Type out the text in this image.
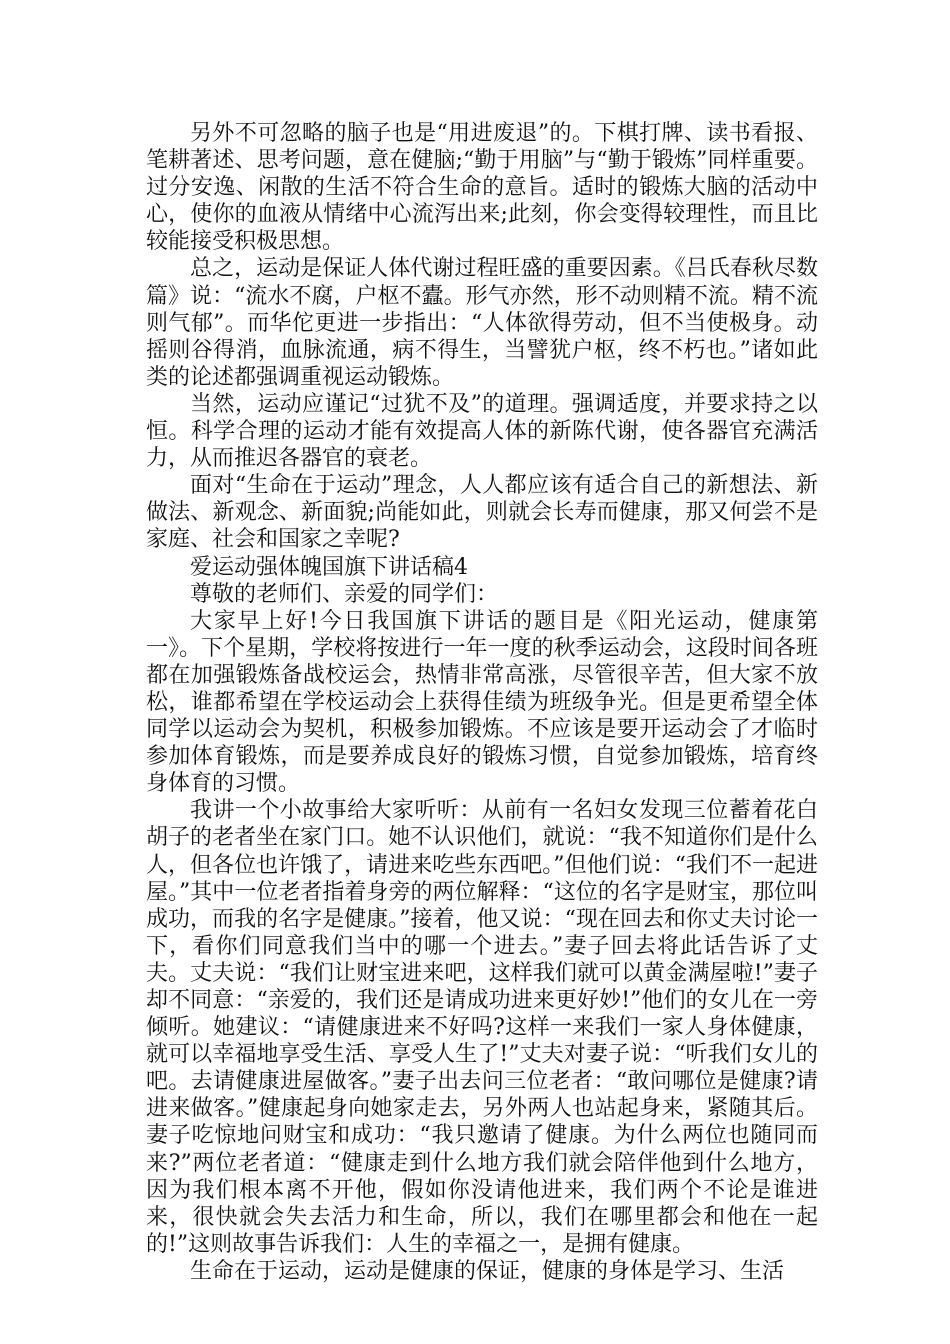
另外不可忽略的脑子也是“用进废退”的。下棋打牌、读书看报、笔耕著述、思考问题，意在健脑;“勤于用脑”与“勤于锻炼”同样重要。过分安逸、闲散的生活不符合生命的意旨。适时的锻炼大脑的活动中心，使你的血液从情绪中心流泻出来;此刻，你会变得较理性，而且比较能接受积极思想。

总之，运动是保证人体代谢过程旺盛的重要因素。《吕氏春秋尽数篇》说：“流水不腐，户枢不蠹。形气亦然，形不动则精不流。精不流则气郁”。而华佗更进一步指出：“人体欲得劳动，但不当使极身。动摇则谷得消，血脉流通，病不得生，当譬犹户枢，终不朽也。”诸如此类的论述都强调重视运动锻炼。

当然，运动应谨记“过犹不及”的道理。强调适度，并要求持之以恒。科学合理的运动才能有效提高人体的新陈代谢，使各器官充满活力，从而推迟各器官的衰老。

面对“生命在于运动”理念，人人都应该有适合自己的新想法、新做法、新观念、新面貌;尚能如此，则就会长寿而健康，那又何尝不是家庭、社会和国家之幸呢?

爱运动强体魄国旗下讲话稿4

尊敬的老师们、亲爱的同学们：

大家早上好!今日我国旗下讲话的题目是《阳光运动，健康第一》。下个星期，学校将按进行一年一度的秋季运动会，这段时间各班都在加强锻炼备战校运会，热情非常高涨，尽管很辛苦，但大家不放松，谁都希望在学校运动会上获得佳绩为班级争光。但是更希望全体同学以运动会为契机，积极参加锻炼。不应该是要开运动会了才临时参加体育锻炼，而是要养成良好的锻炼习惯，自觉参加锻炼，培育终身体育的习惯。

我讲一个小故事给大家听听：从前有一名妇女发现三位蓄着花白胡子的老者坐在家门口。她不认识他们，就说：“我不知道你们是什么人，但各位也许饿了，请进来吃些东西吧。”但他们说：“我们不一起进屋。”其中一位老者指着身旁的两位解释：“这位的名字是财宝，那位叫成功，而我的名字是健康。”接着，他又说：“现在回去和你丈夫讨论一下，看你们同意我们当中的哪一个进去。”妻子回去将此话告诉了丈夫。丈夫说：“我们让财宝进来吧，这样我们就可以黄金满屋啦!”妻子却不同意：“亲爱的，我们还是请成功进来更好妙!”他们的女儿在一旁倾听。她建议：“请健康进来不好吗?这样一来我们一家人身体健康，就可以幸福地享受生活、享受人生了!”丈夫对妻子说：“听我们女儿的吧。去请健康进屋做客。”妻子出去问三位老者：“敢问哪位是健康?请进来做客。”健康起身向她家走去，另外两人也站起身来，紧随其后。妻子吃惊地问财宝和成功：“我只邀请了健康。为什么两位也随同而来?”两位老者道：“健康走到什么地方我们就会陪伴他到什么地方，因为我们根本离不开他，假如你没请他进来，我们两个不论是谁进来，很快就会失去活力和生命，所以，我们在哪里都会和他在一起的!”这则故事告诉我们：人生的幸福之一，是拥有健康。

生命在于运动，运动是健康的保证，健康的身体是学习、生活
